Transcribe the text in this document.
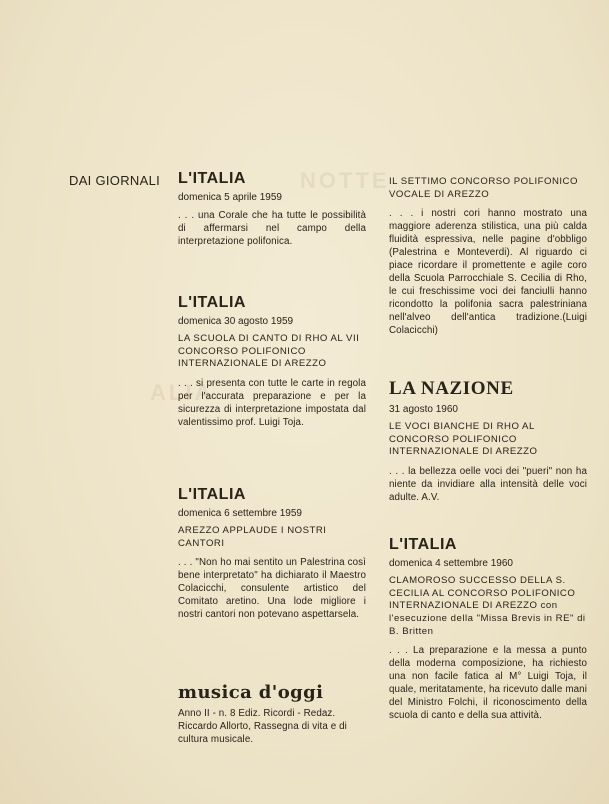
NOTTE
ALIA
DAI GIORNALI L'ITALIA
domenica 5 aprile 1959

. . . una Corale che ha tutte le possibilità di affermarsi nel campo della interpretazione polifonica.

L'ITALIA
domenica 30 agosto 1959
LA SCUOLA DI CANTO DI RHO AL VII CONCORSO POLIFONICO INTERNAZIONALE DI AREZZO

. . . si presenta con tutte le carte in regola per l'accurata preparazione e per la sicurezza di interpretazione impostata dal valentissimo prof. Luigi Toja.

L'ITALIA
domenica 6 settembre 1959
AREZZO APPLAUDE I NOSTRI CANTORI

. . . "Non ho mai sentito un Palestrina così bene interpretato" ha dichiarato il Maestro Colacicchi, consulente artistico del Comitato aretino. Una lode migliore i nostri cantori non potevano aspettarsela.

musica d'oggi

Anno II - n. 8 Ediz. Ricordi - Redaz. Riccardo Allorto, Rassegna di vita e di cultura musicale.

IL SETTIMO CONCORSO POLIFONICO VOCALE DI AREZZO

. . . i nostri cori hanno mostrato una maggiore aderenza stilistica, una più calda fluidità espressiva, nelle pagine d'obbligo (Palestrina e Monteverdi). Al riguardo ci piace ricordare il promettente e agile coro della Scuola Parrocchiale S. Cecilia di Rho, le cui freschissime voci dei fanciulli hanno ricondotto la polifonia sacra palestriniana nell'alveo dell'antica tradizione.(Luigi Colacicchi)

LA NAZIONE
31 agosto 1960
LE VOCI BIANCHE DI RHO AL CONCORSO POLIFONICO INTERNAZIONALE DI AREZZO

. . . la bellezza oelle voci dei "pueri" non ha niente da invidiare alla intensità delle voci adulte. A.V.

L'ITALIA
domenica 4 settembre 1960
CLAMOROSO SUCCESSO DELLA S. CECILIA AL CONCORSO POLIFONICO INTERNAZIONALE DI AREZZO con l'esecuzione della "Missa Brevis in RE" di B. Britten

. . . La preparazione e la messa a punto della moderna composizione, ha richiesto una non facile fatica al M° Luigi Toja, il quale, meritatamente, ha ricevuto dalle mani del Ministro Folchi, il riconoscimento della scuola di canto e della sua attività.
